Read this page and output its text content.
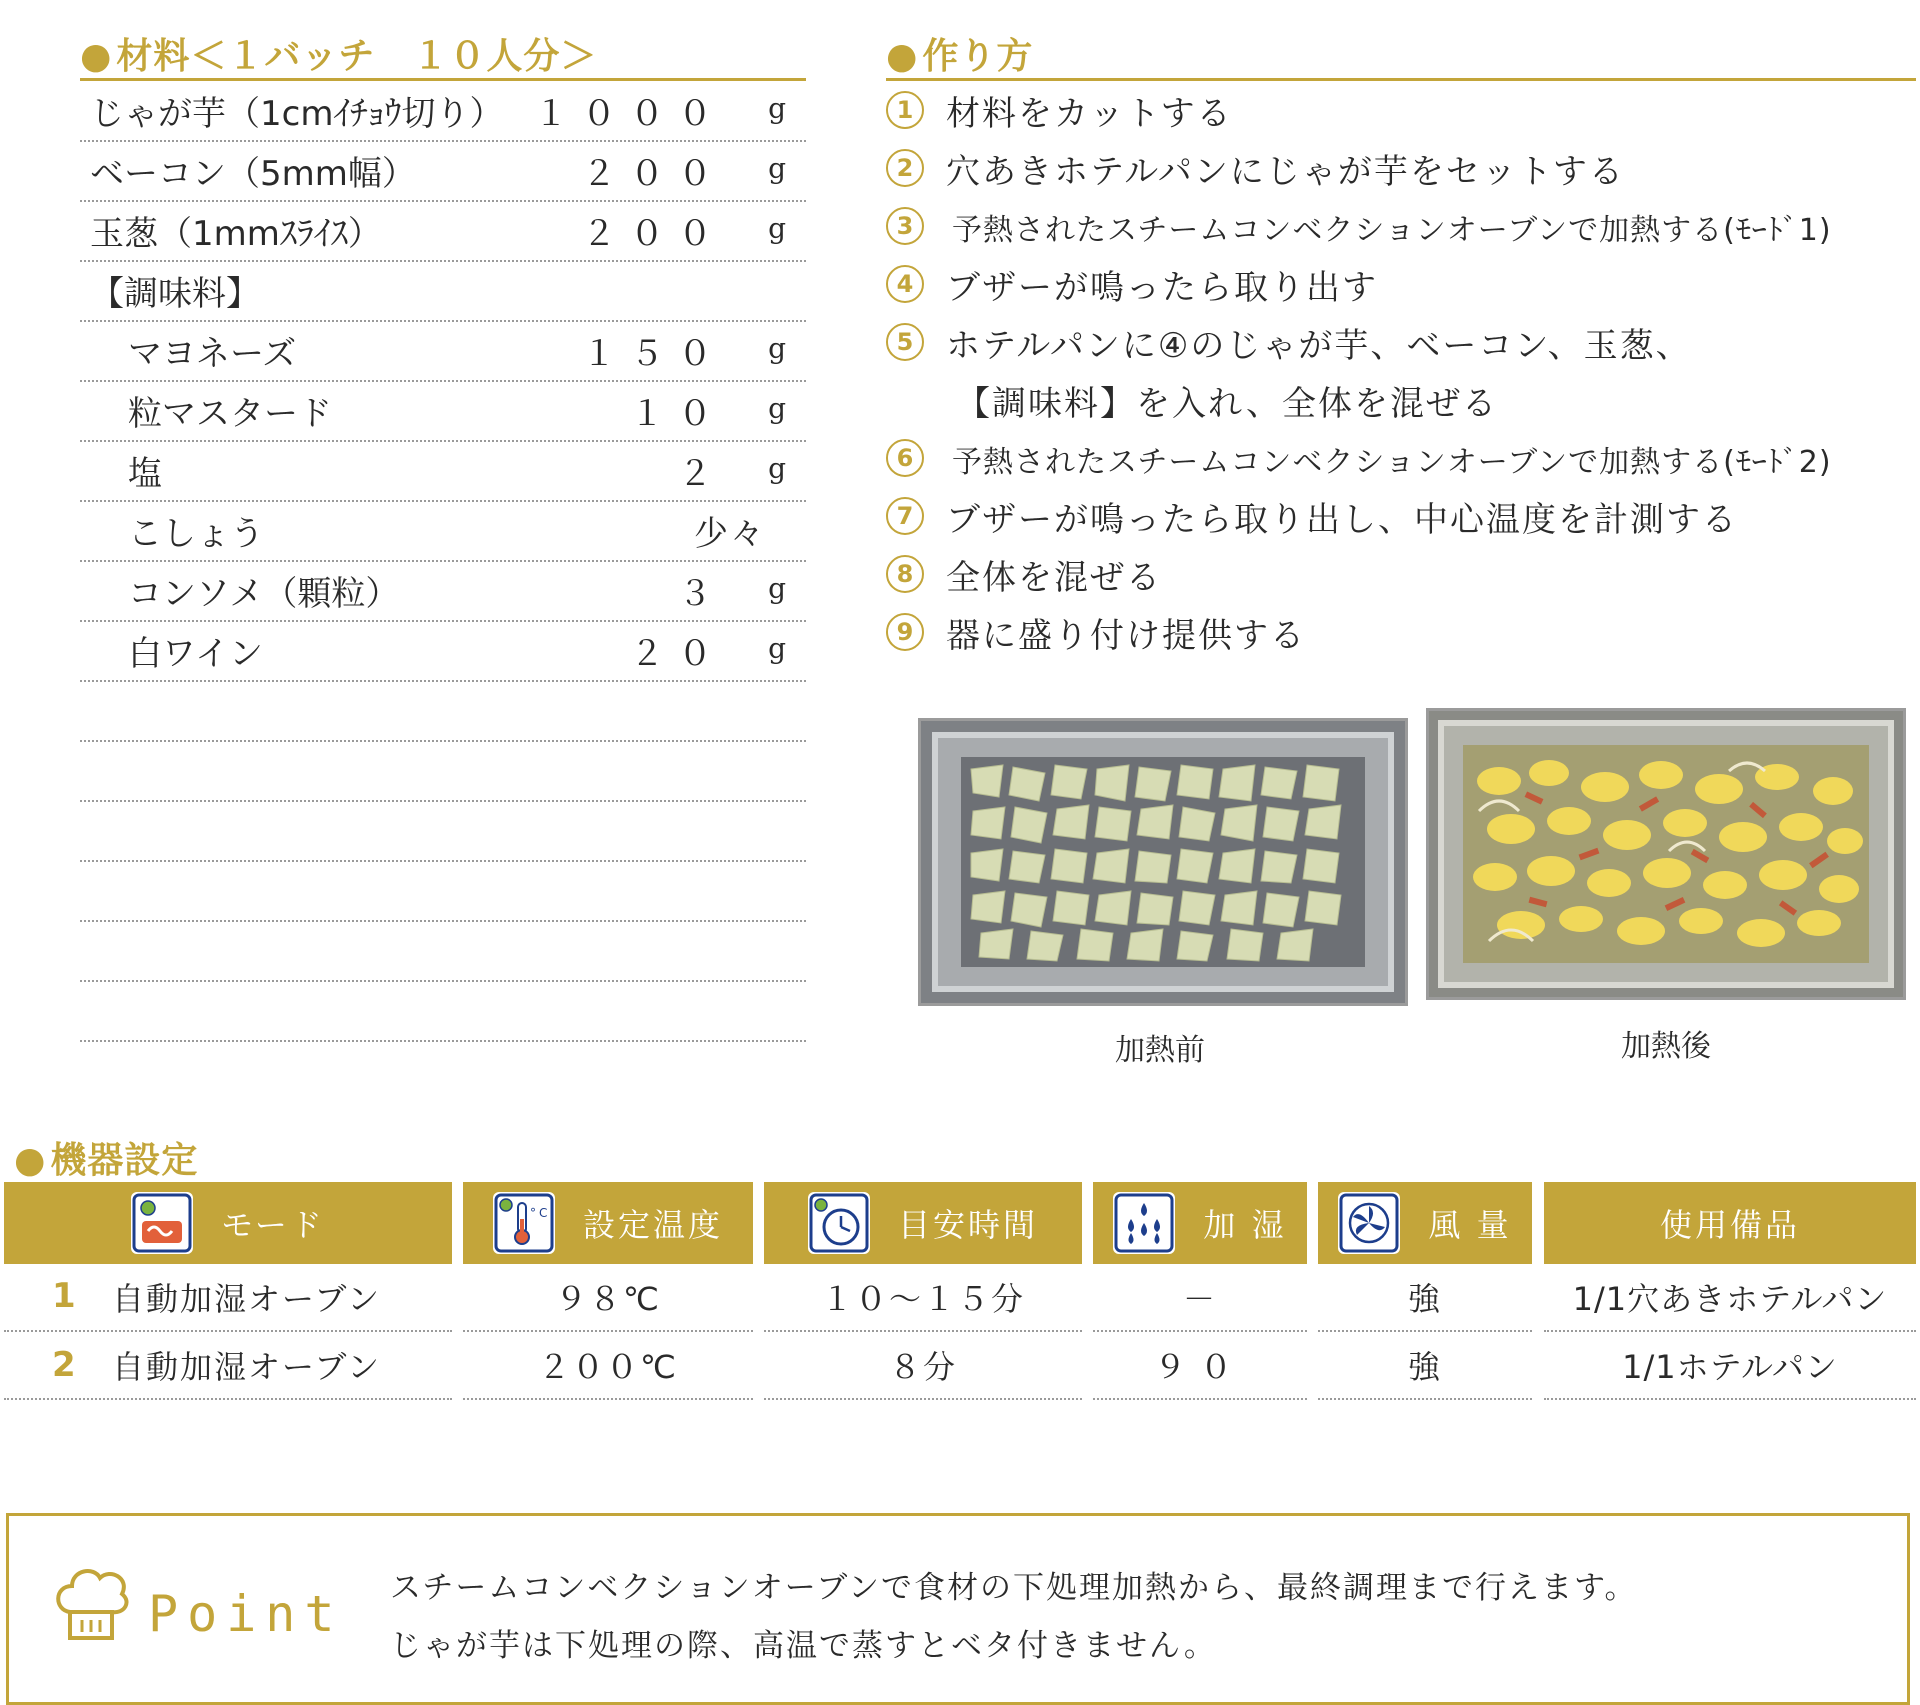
● 材料＜１バッチ　１０人分＞
じゃが芋（1cmｲﾁｮｳ切り） １０００ g
ベーコン（5mm幅）	２００ g
玉葱（1mmｽﾗｲｽ）	２００ g
【調味料】
マヨネーズ	１５０ g
粒マスタード	１０ g
塩	２ g
こしょう	少々
コンソメ（顆粒）	３ g
白ワイン	２０ g
● 作り方
1 材料をカットする
2 穴あきホテルパンにじゃが芋をセットする
3	予熱されたスチームコンベクションオーブンで加熱する(ﾓｰﾄﾞ1)
4 ブザーが鳴ったら取り出す
5 ホテルパンに④のじゃが芋、ベーコン、玉葱、
【調味料】を入れ、全体を混ぜる
6	予熱されたスチームコンベクションオーブンで加熱する(ﾓｰﾄﾞ2)
7 ブザーが鳴ったら取り出し、中心温度を計測する
8 全体を混ぜる
9 器に盛り付け提供する
加熱前	加熱後
● 機器設定
モード	°C 設定温度	目安時間	加 湿	風 量	使用備品
1 自動加湿オーブン	９８℃	１０～１５分	－	強	1/1穴あきホテルパン
2 自動加湿オーブン	２００℃	８分	９０	強	1/1ホテルパン
Point スチームコンベクションオーブンで食材の下処理加熱から、最終調理まで行えます。
じゃが芋は下処理の際、高温で蒸すとベタ付きません。
